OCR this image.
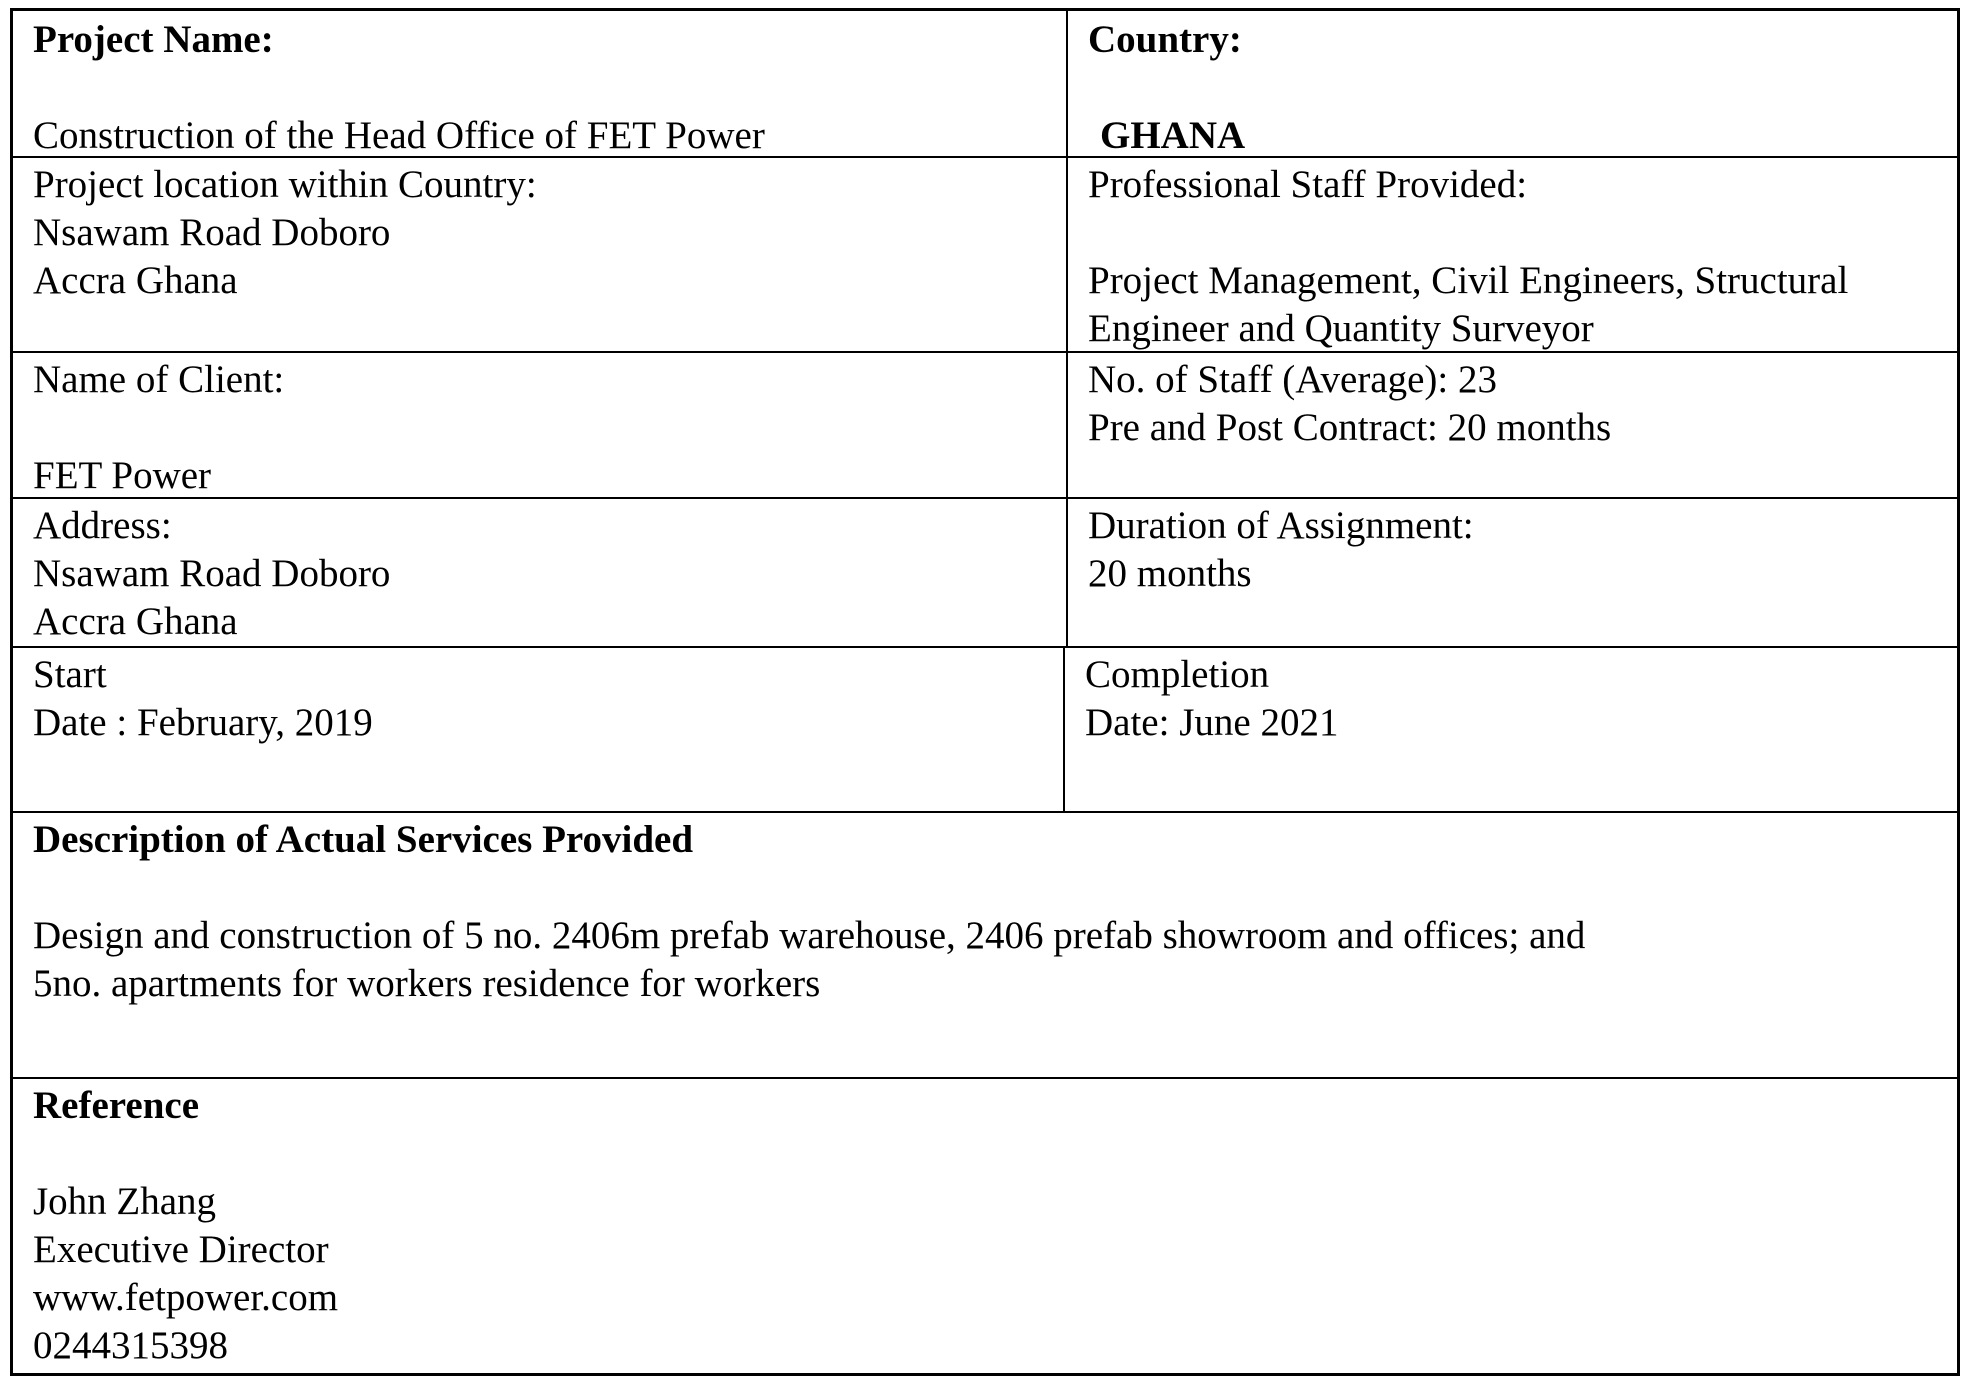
Project Name:
Construction of the Head Office of FET Power
Country:
GHANA
Project location within Country:
Nsawam Road Doboro
Accra Ghana
Professional Staff Provided:
Project Management, Civil Engineers, Structural
Engineer and Quantity Surveyor
Name of Client:
FET Power
No. of Staff (Average): 23
Pre and Post Contract: 20 months
Address:
Nsawam Road Doboro
Accra Ghana
Duration of Assignment:
20 months
Start
Date : February, 2019
Completion
Date: June 2021
Description of Actual Services Provided
Design and construction of 5 no. 2406m prefab warehouse, 2406 prefab showroom and offices; and
5no. apartments for workers residence for workers
Reference
John Zhang
Executive Director
www.fetpower.com
0244315398
